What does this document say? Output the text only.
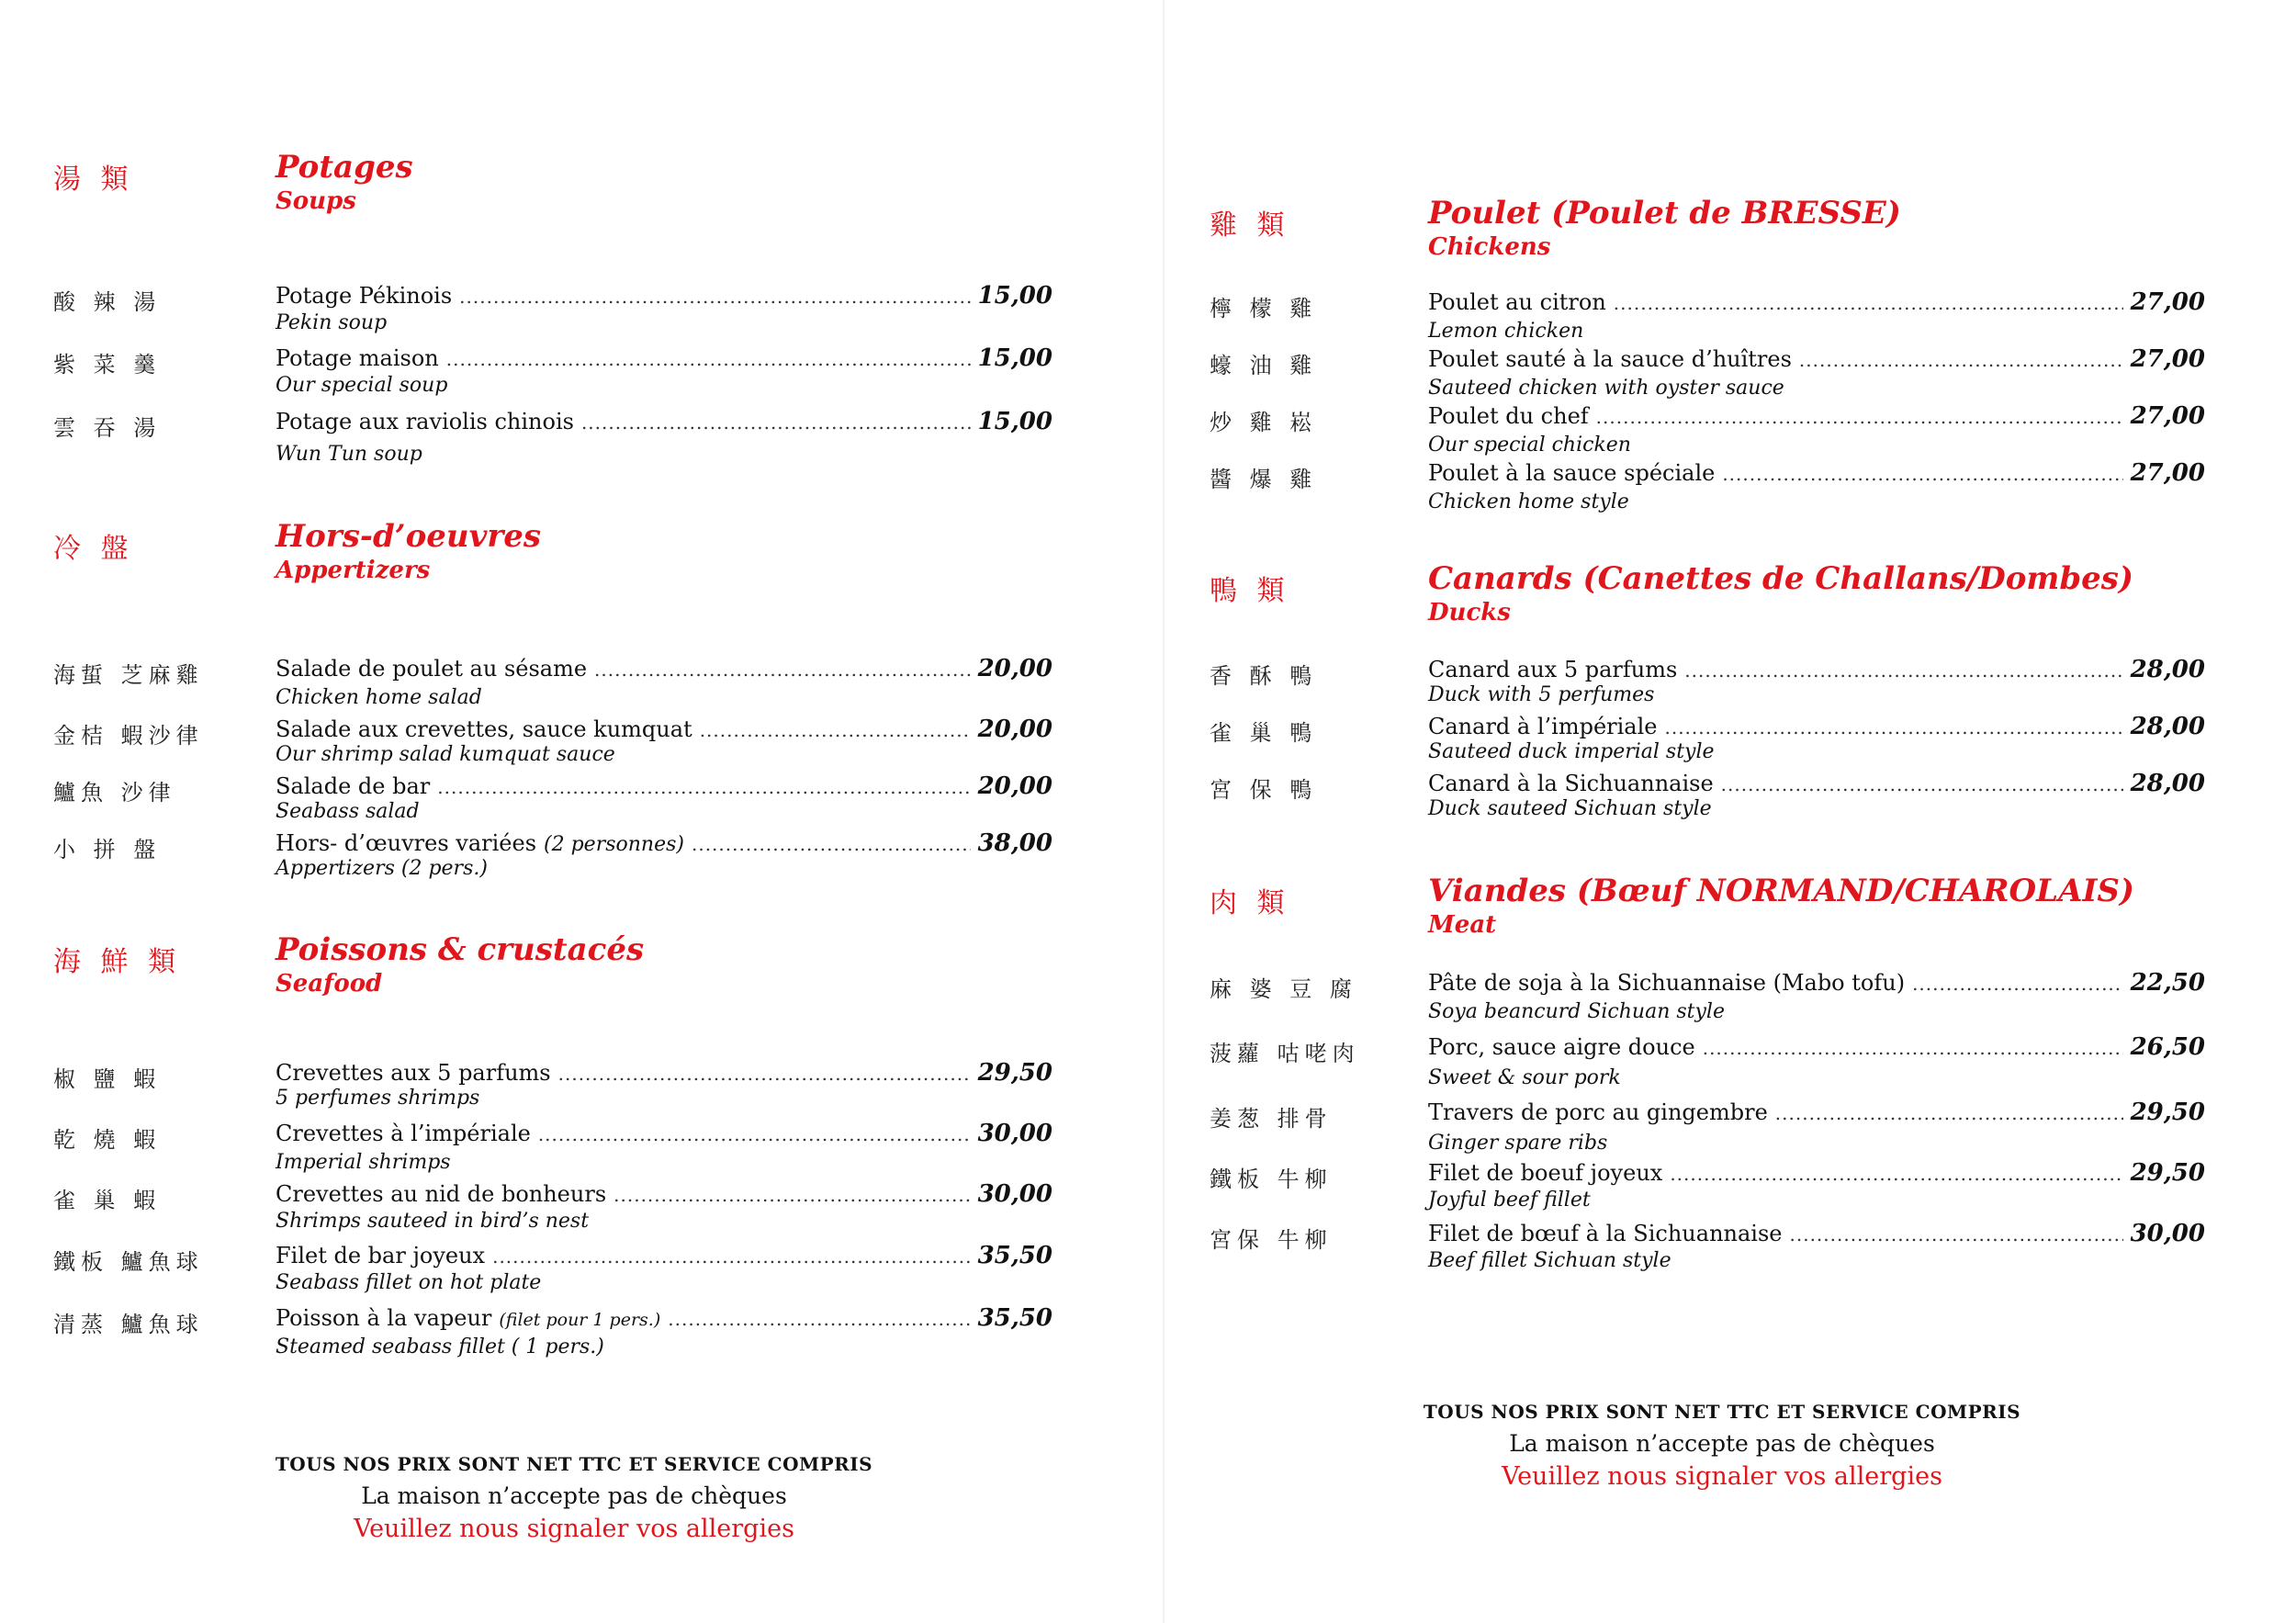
湯 類	Potages
Soups
酸 辣 湯	Potage Pékinois .....	15,00
Pekin soup
紫 菜 羹	Potage maison .....	15,00
Our special soup
雲 吞 湯	Potage aux raviolis chinois .....	15,00
Wun Tun soup
冷 盤	Hors-d’oeuvres
Appertizers
海蜇 芝麻雞	Salade de poulet au sésame .....	20,00
Chicken home salad
金桔 蝦沙律	Salade aux crevettes, sauce kumquat .....	20,00
Our shrimp salad kumquat sauce
鱸魚 沙律	Salade de bar .....	20,00
Seabass salad
小 拼 盤	Hors- d’œuvres variées (2 personnes) .....	38,00
Appertizers (2 pers.)
海 鮮 類	Poissons & crustacés
Seafood
椒 鹽 蝦	Crevettes aux 5 parfums .....	29,50
5 perfumes shrimps
乾 燒 蝦	Crevettes à l’impériale .....	30,00
Imperial shrimps
雀 巢 蝦	Crevettes au nid de bonheurs .....	30,00
Shrimps sauteed in bird’s nest
鐵板 鱸魚球	Filet de bar joyeux .....	35,50
Seabass fillet on hot plate
清蒸 鱸魚球	Poisson à la vapeur (filet pour 1 pers.) .....	35,50
Steamed seabass fillet ( 1 pers.)
TOUS NOS PRIX SONT NET TTC ET SERVICE COMPRIS
La maison n’accepte pas de chèques
Veuillez nous signaler vos allergies
雞 類	Poulet (Poulet de BRESSE)
Chickens
檸 檬 雞	Poulet au citron .....	27,00
Lemon chicken
蠔 油 雞	Poulet sauté à la sauce d’huîtres .....	27,00
Sauteed chicken with oyster sauce
炒 雞 崧	Poulet du chef .....	27,00
Our special chicken
醬 爆 雞	Poulet à la sauce spéciale .....	27,00
Chicken home style
鴨 類	Canards (Canettes de Challans/Dombes)
Ducks
香 酥 鴨	Canard aux 5 parfums .....	28,00
Duck with 5 perfumes
雀 巢 鴨	Canard à l’impériale .....	28,00
Sauteed duck imperial style
宮 保 鴨	Canard à la Sichuannaise .....	28,00
Duck sauteed Sichuan style
肉 類	Viandes (Bœuf NORMAND/CHAROLAIS)
Meat
麻 婆 豆 腐	Pâte de soja à la Sichuannaise (Mabo tofu) .....	22,50
Soya beancurd Sichuan style
菠蘿 咕咾肉	Porc, sauce aigre douce .....	26,50
Sweet & sour pork
姜葱 排骨	Travers de porc au gingembre .....	29,50
Ginger spare ribs
鐵板 牛柳	Filet de boeuf joyeux .....	29,50
Joyful beef fillet
宮保 牛柳	Filet de bœuf à la Sichuannaise .....	30,00
Beef fillet Sichuan style
TOUS NOS PRIX SONT NET TTC ET SERVICE COMPRIS
La maison n’accepte pas de chèques
Veuillez nous signaler vos allergies
